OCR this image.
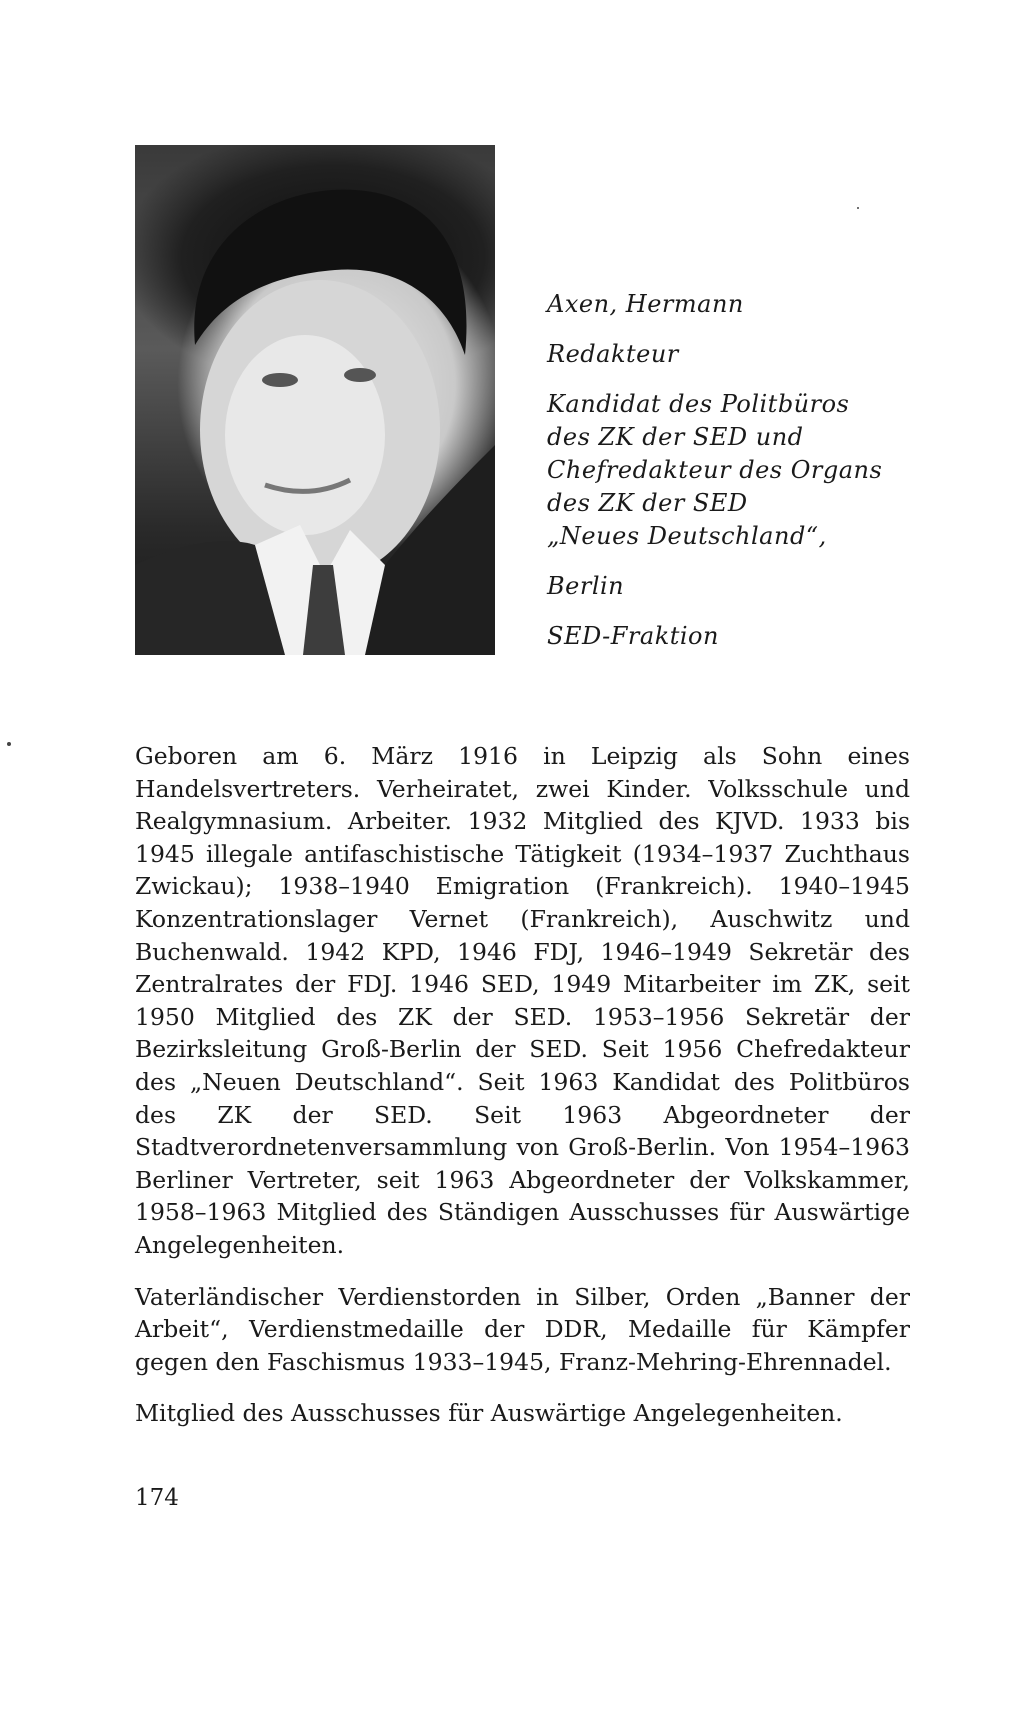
Axen, Hermann
Redakteur
Kandidat des Politbüros
des ZK der SED und
Chefredakteur des Organs
des ZK der SED
„Neues Deutschland“,
Berlin
SED-Fraktion

Geboren am 6. März 1916 in Leipzig als Sohn eines Handelsvertreters. Verheiratet, zwei Kinder. Volksschule und Realgymnasium. Arbeiter. 1932 Mitglied des KJVD. 1933 bis 1945 illegale antifaschistische Tätigkeit (1934–1937 Zuchthaus Zwickau); 1938–1940 Emigration (Frankreich). 1940–1945 Konzentrationslager Vernet (Frankreich), Auschwitz und Buchenwald. 1942 KPD, 1946 FDJ, 1946–1949 Sekretär des Zentralrates der FDJ. 1946 SED, 1949 Mitarbeiter im ZK, seit 1950 Mitglied des ZK der SED. 1953–1956 Sekretär der Bezirksleitung Groß-Berlin der SED. Seit 1956 Chefredakteur des „Neuen Deutschland“. Seit 1963 Kandidat des Politbüros des ZK der SED. Seit 1963 Abgeordneter der Stadtverordnetenversammlung von Groß-Berlin. Von 1954–1963 Berliner Vertreter, seit 1963 Abgeordneter der Volkskammer, 1958–1963 Mitglied des Ständigen Ausschusses für Auswärtige Angelegenheiten.

Vaterländischer Verdienstorden in Silber, Orden „Banner der Arbeit“, Verdienstmedaille der DDR, Medaille für Kämpfer gegen den Faschismus 1933–1945, Franz-Mehring-Ehrennadel.

Mitglied des Ausschusses für Auswärtige Angelegenheiten.

174
